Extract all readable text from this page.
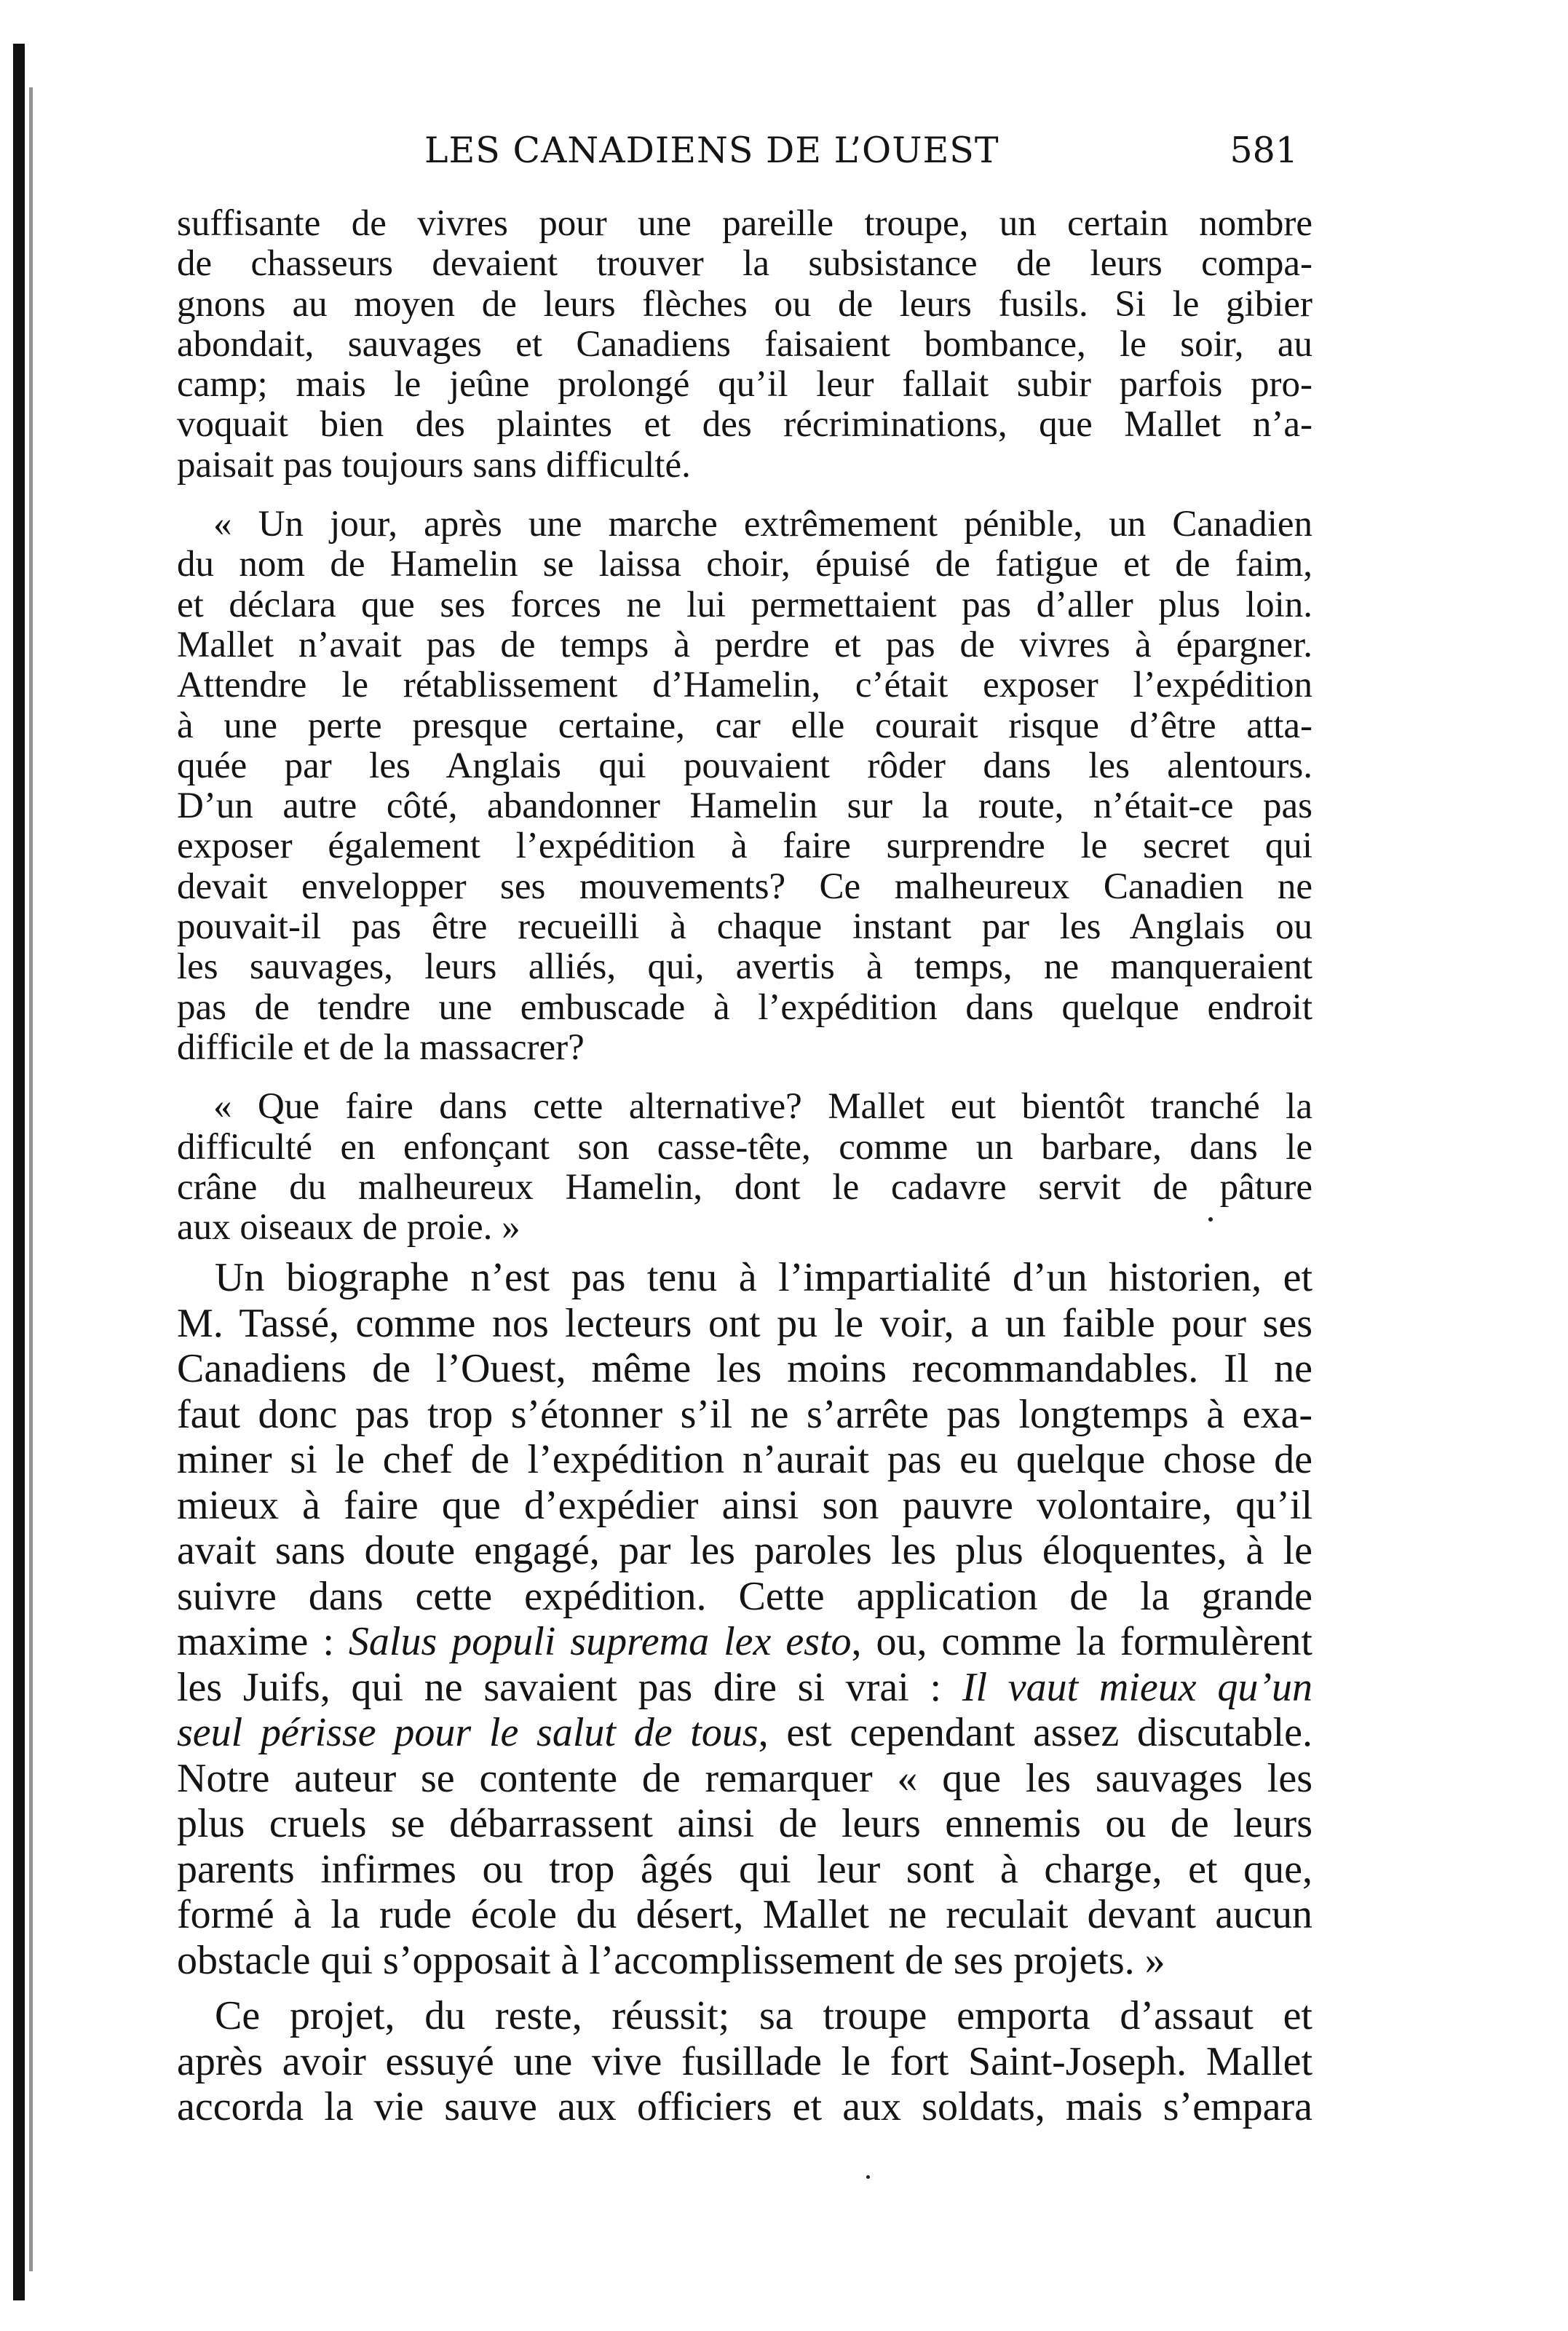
LES CANADIENS DE L’OUEST	581
suffisante de vivres pour une pareille troupe, un certain nombre
de chasseurs devaient trouver la subsistance de leurs compa-
gnons au moyen de leurs flèches ou de leurs fusils. Si le gibier
abondait, sauvages et Canadiens faisaient bombance, le soir, au
camp; mais le jeûne prolongé qu’il leur fallait subir parfois pro-
voquait bien des plaintes et des récriminations, que Mallet n’a-
paisait pas toujours sans difficulté.
« Un jour, après une marche extrêmement pénible, un Canadien
du nom de Hamelin se laissa choir, épuisé de fatigue et de faim,
et déclara que ses forces ne lui permettaient pas d’aller plus loin.
Mallet n’avait pas de temps à perdre et pas de vivres à épargner.
Attendre le rétablissement d’Hamelin, c’était exposer l’expédition
à une perte presque certaine, car elle courait risque d’être atta-
quée par les Anglais qui pouvaient rôder dans les alentours.
D’un autre côté, abandonner Hamelin sur la route, n’était-ce pas
exposer également l’expédition à faire surprendre le secret qui
devait envelopper ses mouvements? Ce malheureux Canadien ne
pouvait-il pas être recueilli à chaque instant par les Anglais ou
les sauvages, leurs alliés, qui, avertis à temps, ne manqueraient
pas de tendre une embuscade à l’expédition dans quelque endroit
difficile et de la massacrer?
« Que faire dans cette alternative? Mallet eut bientôt tranché la
difficulté en enfonçant son casse-tête, comme un barbare, dans le
crâne du malheureux Hamelin, dont le cadavre servit de pâture
aux oiseaux de proie. »
Un biographe n’est pas tenu à l’impartialité d’un historien, et
M. Tassé, comme nos lecteurs ont pu le voir, a un faible pour ses
Canadiens de l’Ouest, même les moins recommandables. Il ne
faut donc pas trop s’étonner s’il ne s’arrête pas longtemps à exa-
miner si le chef de l’expédition n’aurait pas eu quelque chose de
mieux à faire que d’expédier ainsi son pauvre volontaire, qu’il
avait sans doute engagé, par les paroles les plus éloquentes, à le
suivre dans cette expédition. Cette application de la grande
maxime : Salus populi suprema lex esto, ou, comme la formulèrent
les Juifs, qui ne savaient pas dire si vrai : Il vaut mieux qu’un
seul périsse pour le salut de tous, est cependant assez discutable.
Notre auteur se contente de remarquer « que les sauvages les
plus cruels se débarrassent ainsi de leurs ennemis ou de leurs
parents infirmes ou trop âgés qui leur sont à charge, et que,
formé à la rude école du désert, Mallet ne reculait devant aucun
obstacle qui s’opposait à l’accomplissement de ses projets. »
Ce projet, du reste, réussit; sa troupe emporta d’assaut et
après avoir essuyé une vive fusillade le fort Saint-Joseph. Mallet
accorda la vie sauve aux officiers et aux soldats, mais s’empara
